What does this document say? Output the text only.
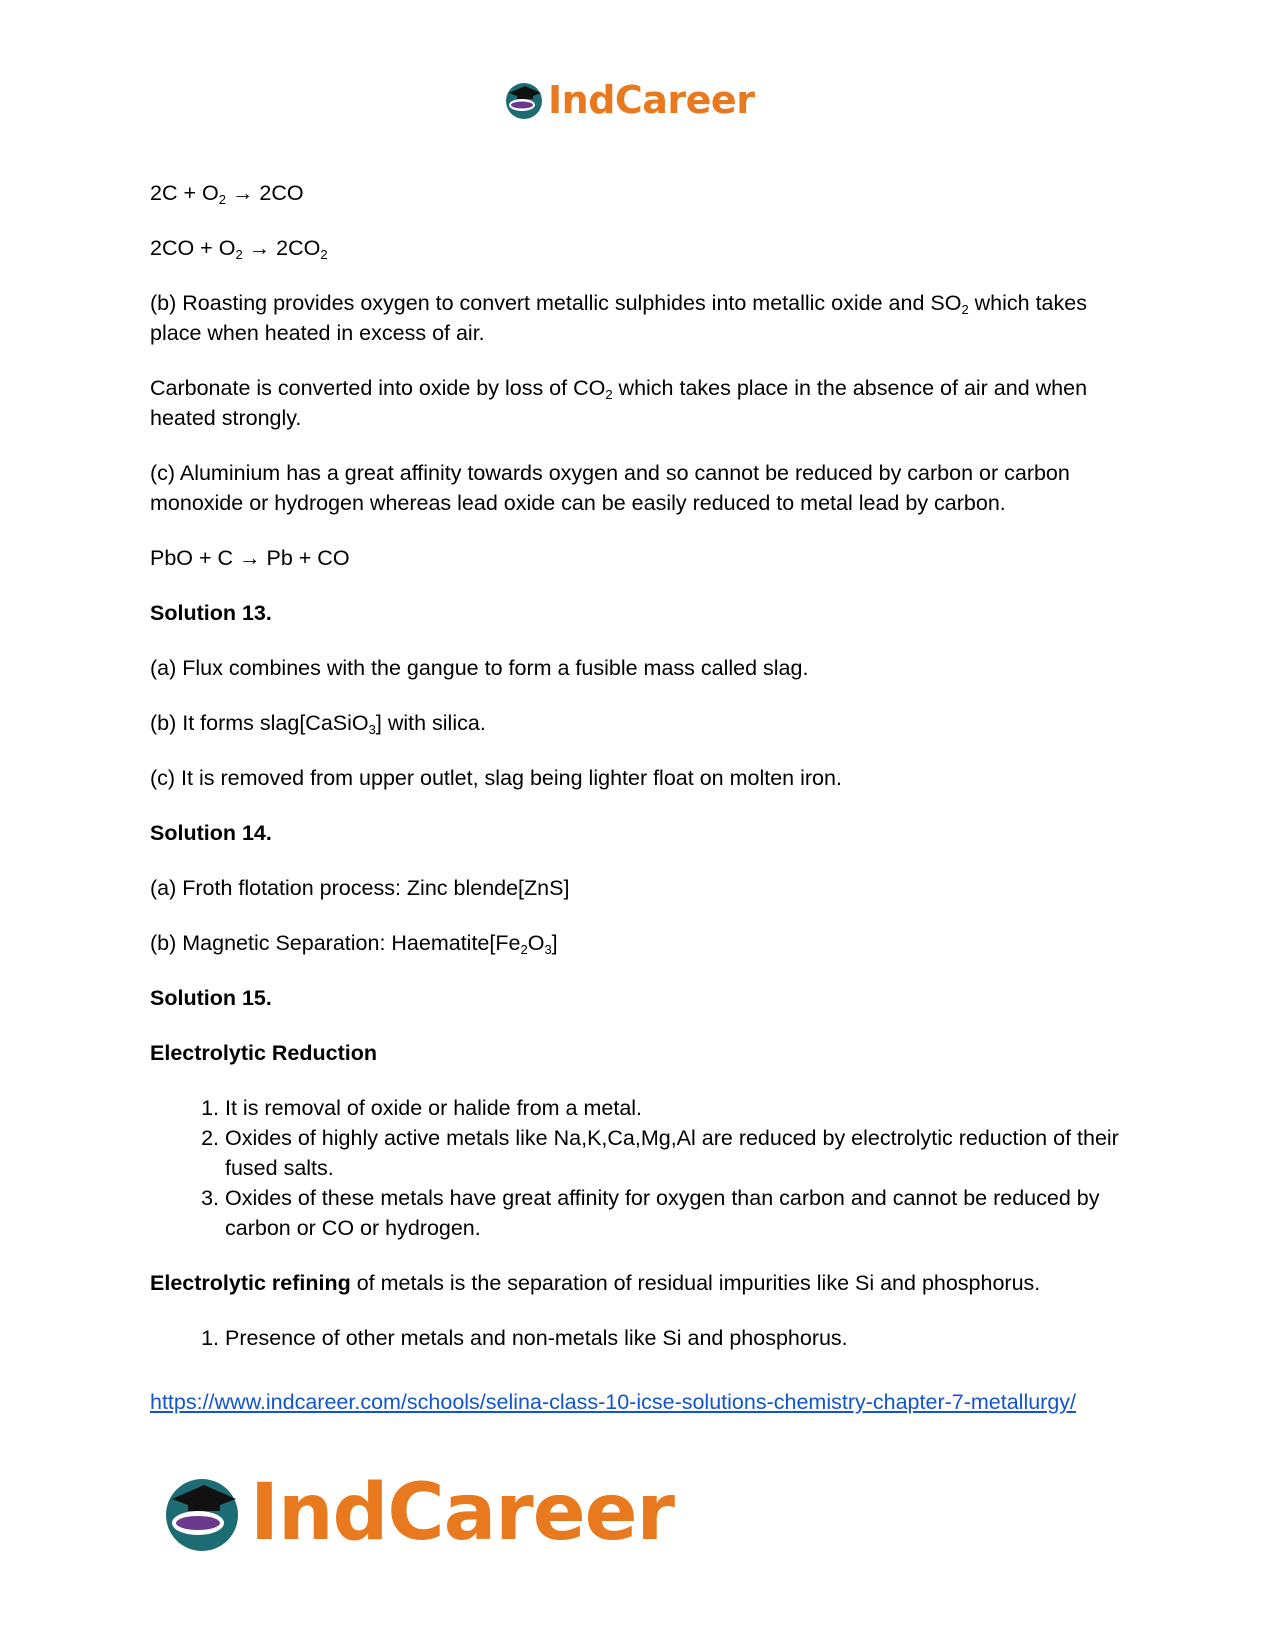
IndCareer

$2C + O_2 \to 2CO$

$2CO + O_2 \to 2CO_2$

(b) Roasting provides oxygen to convert metallic sulphides into metallic oxide and $SO_2$ which takes place when heated in excess of air.

Carbonate is converted into oxide by loss of $CO_2$ which takes place in the absence of air and when heated strongly.

(c) Aluminium has a great affinity towards oxygen and so cannot be reduced by carbon or carbon monoxide or hydrogen whereas lead oxide can be easily reduced to metal lead by carbon.

PbO + C → Pb + CO

Solution 13.

(a) Flux combines with the gangue to form a fusible mass called slag.

(b) It forms slag[CaSiO$_3$] with silica.

(c) It is removed from upper outlet, slag being lighter float on molten iron.

Solution 14.

(a) Froth flotation process: Zinc blende[ZnS]

(b) Magnetic Separation: $Haematite[Fe_2O_3]$

Solution 15.

Electrolytic Reduction

1. It is removal of oxide or halide from a metal.
2. Oxides of highly active metals like Na,K,Ca,Mg,Al are reduced by electrolytic reduction of their fused salts.
3. Oxides of these metals have great affinity for oxygen than carbon and cannot be reduced by carbon or CO or hydrogen.

Electrolytic refining of metals is the separation of residual impurities like Si and phosphorus.

1. Presence of other metals and non-metals like Si and phosphorus.
https://www.indcareer.com/schools/selina-class-10-icse-solutions-chemistry-chapter-7-metallurgy/
IndCareer
